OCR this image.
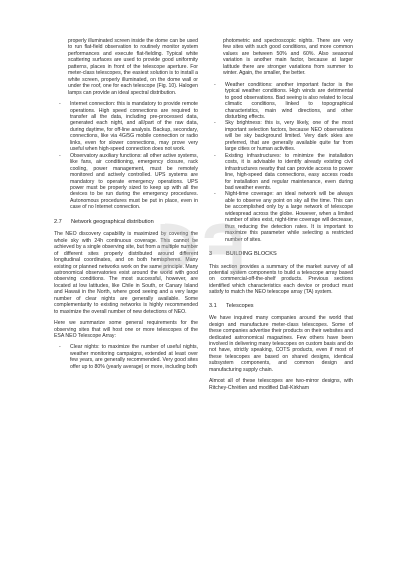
properly illuminated screen inside the dome can be used to run flat-field observation to routinely monitor system performances and execute flat-fielding. Typical white scattering surfaces are used to provide good uniformity patterns, places in front of the telescope aperture. For meter-class telescopes, the easiest solution is to install a white screen, properly illuminated, on the dome wall or under the roof, one for each telescope (Fig. 10). Halogen lamps can provide an ideal spectral distribution.

- Internet connection: this is mandatory to provide remote operations. High speed connections are required to transfer all the data, including pre-processed data, generated each night, and all/part of the raw data, during daytime, for off-line analysis. Backup, secondary, connections, like via 4G/5G mobile connection or radio links, even for slower connections, may prove very useful when high-speed connection does not work.
- Observatory auxiliary functions: all other active systems, like fans, air conditioning, emergency closure, rack cooling, power management, must be remotely monitored and actively controlled. UPS systems are mandatory to operate emergency operations. UPS power must be properly sized to keep up with all the devices to be run during the emergency procedures. Autonomous procedures must be put in place, even in case of no Internet connection.
2.7 Network geographical distribution

The NEO discovery capability is maximized by covering the whole sky with 24h continuous coverage. This cannot be achieved by a single observing site, but from a multiple number of different sites properly distributed around different longitudinal coordinates, and on both hemispheres. Many existing or planned networks work on the same principle. Many astronomical observatories exist around the world with good observing conditions. The most successful, however, are located at low latitudes, like Chile in South, or Canary Island and Hawaii in the North, where good seeing and a very large number of clear nights are generally available. Some complementarity to existing networks is highly recommended to maximize the overall number of new detections of NEO.

Here we summarize some general requirements for the observing sites that will host one or more telescopes of the ESA NEO Telescope Array:

- Clear nights: to maximize the number of useful nights, weather monitoring campaigns, extended at least over few years, are generally recommended. Very good sites offer up to 80% (yearly average) or more, including both

photometric and spectroscopic nights. There are very few sites with such good conditions, and more common values are between 50% and 60%. Also seasonal variation is another main factor, because at larger latitude there are stronger variations from summer to winter. Again, the smaller, the better.

- Weather conditions: another important factor is the typical weather conditions. High winds are detrimental to good observations. Bad seeing is also related to local climatic conditions, linked to topographical characteristics, main wind directions, and other disturbing effects.
- Sky brightness: this is, very likely, one of the most important selection factors, because NEO observations will be sky background limited. Very dark skies are preferred, that are generally available quite far from large cities or human activities.
- Existing infrastructures: to minimize the installation costs, it is advisable to identify already existing civil infrastructures nearby that can provide access to power line, high-speed data connections, easy access roads for installation and regular maintenance, even during bad weather events.
- Night-time coverage: an ideal network will be always able to observe any point on sky all the time. This can be accomplished only by a large network of telescope widespread across the globe. However, when a limited number of sites exist, night-time coverage will decrease, thus reducing the detection rates. It is important to maximize this parameter while selecting a restricted number of sites.
3 BUILDING BLOCKS

This section provides a summary of the market survey of all potential system components to build a telescope array based on commercial-off-the-shelf products. Previous sections identified which characteristics each device or product must satisfy to match the NEO telescope array (TA) system.

3.1 Telescopes

We have inquired many companies around the world that design and manufacture meter-class telescopes. Some of these companies advertise their products on their websites and dedicated astronomical magazines. Few others have been involved in delivering many telescopes on custom basis and do not have, strictly speaking, COTS products, even if most of these telescopes are based on shared designs, identical subsystem components, and common design and manufacturing supply chain.

Almost all of these telescopes are two-mirror designs, with Ritchey-Chrétien and modified Dall-Kirkham
